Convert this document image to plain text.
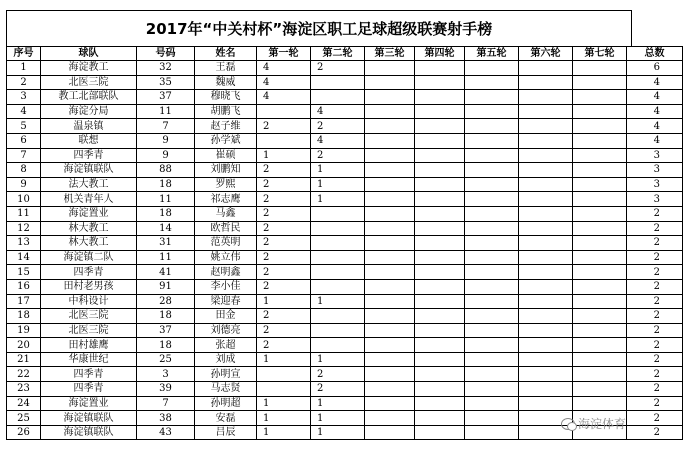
2017年“中关村杯”海淀区职工足球超级联赛射手榜
序号	球队	号码	姓名	第一轮	第二轮	第三轮	第四轮	第五轮	第六轮	第七轮	总数
1	海淀教工	32	王磊	4	2						6
2	北医三院	35	魏威	4							4
3	教工北部联队	37	穆晓飞	4							4
4	海淀分局	11	胡鹏飞		4						4
5	温泉镇	7	赵子维	2	2						4
6	联想	9	孙学斌		4						4
7	四季青	9	崔硕	1	2						3
8	海淀镇联队	88	刘鹏知	2	1						3
9	法大教工	18	罗熙	2	1						3
10	机关青年人	11	祁志鹰	2	1						3
11	海淀置业	18	马鑫	2							2
12	林大教工	14	欧哲民	2							2
13	林大教工	31	范英明	2							2
14	海淀镇二队	11	姚立伟	2							2
15	四季青	41	赵明鑫	2							2
16	田村老男孩	91	李小佳	2							2
17	中科设计	28	梁迎春	1	1						2
18	北医三院	18	田金	2							2
19	北医三院	37	刘德亮	2							2
20	田村雄鹰	18	张超	2							2
21	华康世纪	25	刘成	1	1						2
22	四季青	3	孙明宣		2						2
23	四季青	39	马志贤		2						2
24	海淀置业	7	孙明超	1	1						2
25	海淀镇联队	38	安磊	1	1						2
26	海淀镇联队	43	吕辰	1	1						2
海淀体育
